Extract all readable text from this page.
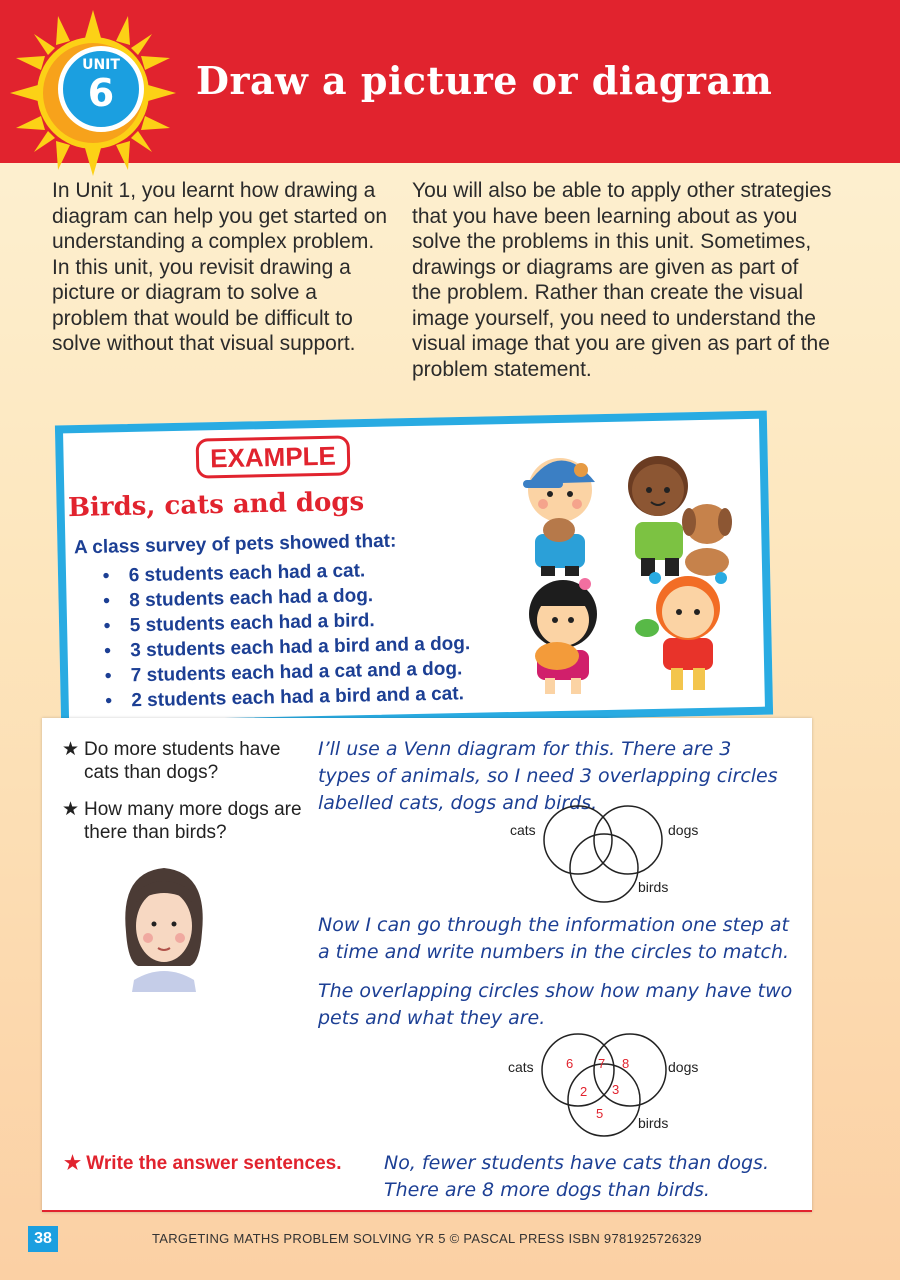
UNIT
6	Draw a picture or diagram

In Unit 1, you learnt how drawing a diagram can help you get started on understanding a complex problem. In this unit, you revisit drawing a picture or diagram to solve a problem that would be difficult to solve without that visual support.

You will also be able to apply other strategies that you have been learning about as you solve the problems in this unit. Sometimes, drawings or diagrams are given as part of the problem. Rather than create the visual image yourself, you need to understand the visual image that you are given as part of the problem statement.

EXAMPLE
Birds, cats and dogs
A class survey of pets showed that:
• 6 students each had a cat.
• 8 students each had a dog.
• 5 students each had a bird.
• 3 students each had a bird and a dog.
• 7 students each had a cat and a dog.
• 2 students each had a bird and a cat.
★ Do more students have cats than dogs?
★ How many more dogs are there than birds?
I’ll use a Venn diagram for this. There are 3 types of animals, so I need 3 overlapping circles labelled cats, dogs and birds.
cats	dogs
birds
Now I can go through the information one step at a time and write numbers in the circles to match.
The overlapping circles show how many have two pets and what they are.
cats	dogs
birds
6 7 8
2 3
5
★ Write the answer sentences. No, fewer students have cats than dogs.
There are 8 more dogs than birds.
38	TARGETING MATHS PROBLEM SOLVING YR 5 © PASCAL PRESS ISBN 9781925726329
